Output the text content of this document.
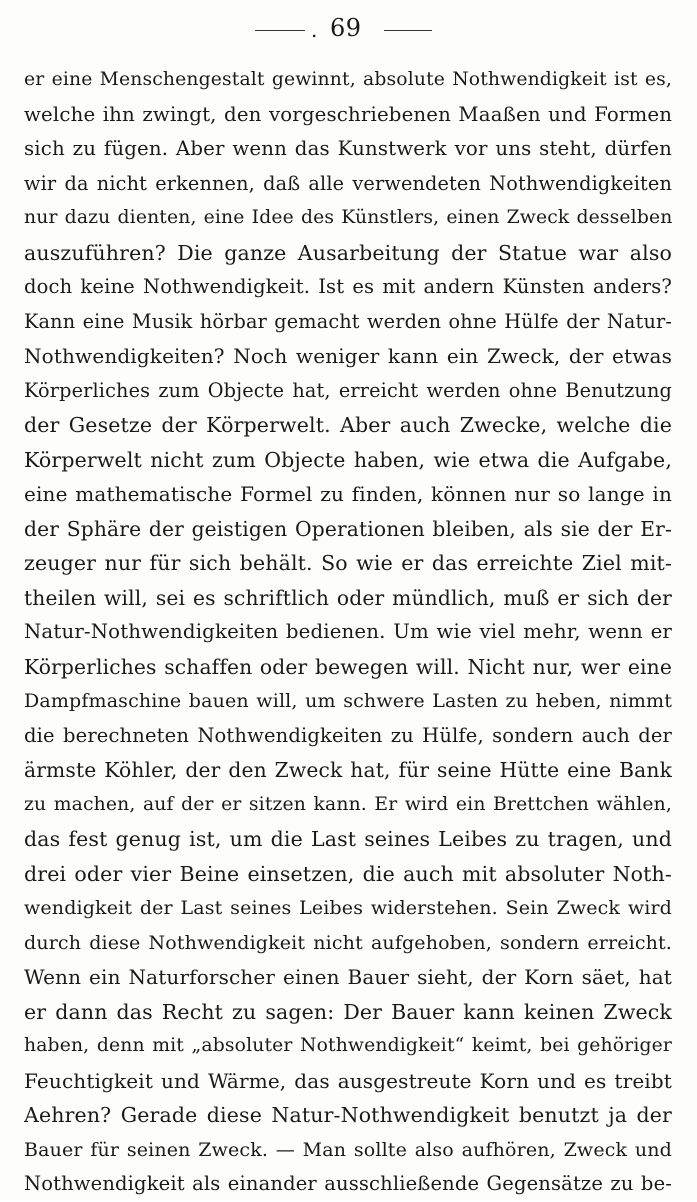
. 69
er eine Menschengestalt gewinnt, absolute Nothwendigkeit ist es,
welche ihn zwingt, den vorgeschriebenen Maaßen und Formen
sich zu fügen. Aber wenn das Kunstwerk vor uns steht, dürfen
wir da nicht erkennen, daß alle verwendeten Nothwendigkeiten
nur dazu dienten, eine Idee des Künstlers, einen Zweck desselben
auszuführen? Die ganze Ausarbeitung der Statue war also
doch keine Nothwendigkeit. Ist es mit andern Künsten anders?
Kann eine Musik hörbar gemacht werden ohne Hülfe der Natur-
Nothwendigkeiten? Noch weniger kann ein Zweck, der etwas
Körperliches zum Objecte hat, erreicht werden ohne Benutzung
der Gesetze der Körperwelt. Aber auch Zwecke, welche die
Körperwelt nicht zum Objecte haben, wie etwa die Aufgabe,
eine mathematische Formel zu finden, können nur so lange in
der Sphäre der geistigen Operationen bleiben, als sie der Er-
zeuger nur für sich behält. So wie er das erreichte Ziel mit-
theilen will, sei es schriftlich oder mündlich, muß er sich der
Natur-Nothwendigkeiten bedienen. Um wie viel mehr, wenn er
Körperliches schaffen oder bewegen will. Nicht nur, wer eine
Dampfmaschine bauen will, um schwere Lasten zu heben, nimmt
die berechneten Nothwendigkeiten zu Hülfe, sondern auch der
ärmste Köhler, der den Zweck hat, für seine Hütte eine Bank
zu machen, auf der er sitzen kann. Er wird ein Brettchen wählen,
das fest genug ist, um die Last seines Leibes zu tragen, und
drei oder vier Beine einsetzen, die auch mit absoluter Noth-
wendigkeit der Last seines Leibes widerstehen. Sein Zweck wird
durch diese Nothwendigkeit nicht aufgehoben, sondern erreicht.
Wenn ein Naturforscher einen Bauer sieht, der Korn säet, hat
er dann das Recht zu sagen: Der Bauer kann keinen Zweck
haben, denn mit „absoluter Nothwendigkeit“ keimt, bei gehöriger
Feuchtigkeit und Wärme, das ausgestreute Korn und es treibt
Aehren? Gerade diese Natur-Nothwendigkeit benutzt ja der
Bauer für seinen Zweck. — Man sollte also aufhören, Zweck und
Nothwendigkeit als einander ausschließende Gegensätze zu be-
